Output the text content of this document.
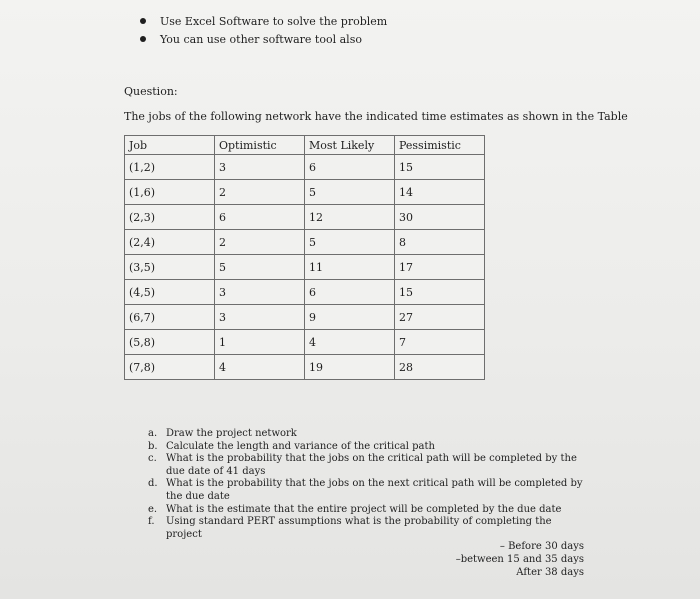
Use Excel Software to solve the problem
You can use other software tool also
Question:
The jobs of the following network have the indicated time estimates as shown in the Table
Job	Optimistic	Most Likely	Pessimistic
(1,2)	3	6	15
(1,6)	2	5	14
(2,3)	6	12	30
(2,4)	2	5	8
(3,5)	5	11	17
(4,5)	3	6	15
(6,7)	3	9	27
(5,8)	1	4	7
(7,8)	4	19	28
a. Draw the project network
b. Calculate the length and variance of the critical path
c. What is the probability that the jobs on the critical path will be completed by the due date of 41 days
d. What is the probability that the jobs on the next critical path will be completed by the due date
e. What is the estimate that the entire project will be completed by the due date
f.	Using standard PERT assumptions what is the probability of completing the project
– Before 30 days
–between 15 and 35 days
After 38 days
